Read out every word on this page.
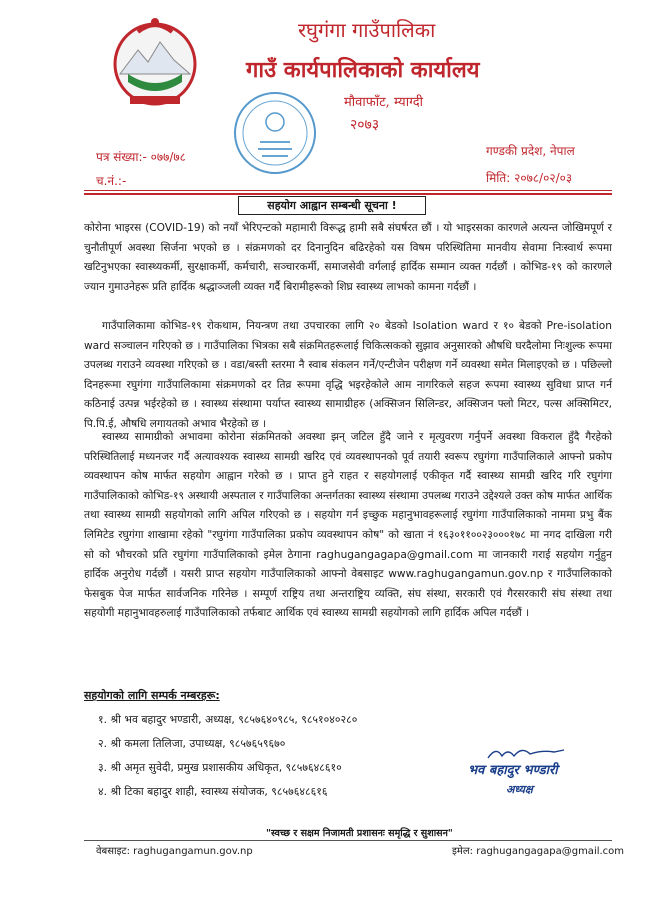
रघुगंगा गाउँपालिका
गाउँ कार्यपालिकाको कार्यालय
मौवाफाँट, म्याग्दी
२०७३
पत्र संख्या:- ०७७/७८
च.नं.:-
गण्डकी प्रदेश, नेपाल
मिति: २०७८/०२/०३
सहयोग आह्वान सम्बन्धी सूचना !
कोरोना भाइरस (COVID-19) को नयाँ भेरिएन्टको महामारी विरूद्ध हामी सबै संघर्षरत छौं । यो भाइरसका कारणले अत्यन्त जोखिमपूर्ण र चुनौतीपूर्ण अवस्था सिर्जना भएको छ । संक्रमणको दर दिनानुदिन बढिरहेको यस विषम परिस्थितिमा मानवीय सेवामा निःस्वार्थ रूपमा खटिनुभएका स्वास्थ्यकर्मी, सुरक्षाकर्मी, कर्मचारी, सञ्चारकर्मी, समाजसेवी वर्गलाई हार्दिक सम्मान व्यक्त गर्दछौं । कोभिड-१९ को कारणले ज्यान गुमाउनेहरू प्रति हार्दिक श्रद्धाञ्जली व्यक्त गर्दै बिरामीहरूको शिघ्र स्वास्थ्य लाभको कामना गर्दछौं ।
गाउँपालिकामा कोभिड-१९ रोकथाम, नियन्त्रण तथा उपचारका लागि २० बेडको Isolation ward र १० बेडको Pre-isolation ward सञ्चालन गरिएको छ । गाउँपालिका भित्रका सबै संक्रमितहरूलाई चिकित्सकको सुझाव अनुसारको औषधि घरदैलोमा निःशुल्क रूपमा उपलब्ध गराउने व्यवस्था गरिएको छ । वडा/बस्ती स्तरमा नै स्वाब संकलन गर्ने/एन्टीजेन परीक्षण गर्ने व्यवस्था समेत मिलाइएको छ । पछिल्लो दिनहरूमा रघुगंगा गाउँपालिकामा संक्रमणको दर तिव्र रूपमा वृद्धि भइरहेकोले आम नागरिकले सहज रूपमा स्वास्थ्य सुविधा प्राप्त गर्न कठिनाई उत्पन्न भईरहेको छ । स्वास्थ्य संस्थामा पर्याप्त स्वास्थ्य सामाग्रीहरु (अक्सिजन सिलिन्डर, अक्सिजन फ्लो मिटर, पल्स अक्सिमिटर, पि.पि.ई, औषधि लगायतको अभाव भैरहेको छ ।
स्वास्थ्य सामाग्रीको अभावमा कोरोना संक्रमितको अवस्था झन् जटिल हुँदै जाने र मृत्युवरण गर्नुपर्ने अवस्था विकराल हुँदै गैरहेको परिस्थितिलाई मध्यनजर गर्दै अत्यावश्यक स्वास्थ्य सामग्री खरिद एवं व्यवस्थापनको पूर्व तयारी स्वरूप रघुगंगा गाउँपालिकाले आफ्नो प्रकोप व्यवस्थापन कोष मार्फत सहयोग आह्वान गरेको छ । प्राप्त हुने राहत र सहयोगलाई एकीकृत गर्दै स्वास्थ्य सामग्री खरिद गरि रघुगंगा गाउँपालिकाको कोभिड-१९ अस्थायी अस्पताल र गाउँपालिका अन्तर्गतका स्वास्थ्य संस्थामा उपलब्ध गराउने उद्देश्यले उक्त कोष मार्फत आर्थिक तथा स्वास्थ्य सामग्री सहयोगको लागि अपिल गरिएको छ । सहयोग गर्न इच्छुक महानुभावहरूलाई रघुगंगा गाउँपालिकाको नाममा प्रभु बैंक लिमिटेड रघुगंगा शाखामा रहेको "रघुगंगा गाउँपालिका प्रकोप व्यवस्थापन कोष" को खाता नं १६३०११००२३०००१७८ मा नगद दाखिला गरी सो को भौचरको प्रति रघुगंगा गाउँपालिकाको इमेल ठेगाना raghugangagapa@gmail.com मा जानकारी गराई सहयोग गर्नुहुन हार्दिक अनुरोध गर्दछौं । यसरी प्राप्त सहयोग गाउँपालिकाको आफ्नो वेबसाइट www.raghugangamun.gov.np र गाउँपालिकाको फेसबुक पेज मार्फत सार्वजनिक गरिनेछ । सम्पूर्ण राष्ट्रिय तथा अन्तराष्ट्रिय व्यक्ति, संघ संस्था, सरकारी एवं गैरसरकारी संघ संस्था तथा सहयोगी महानुभावहरुलाई गाउँपालिकाको तर्फबाट आर्थिक एवं स्वास्थ्य सामग्री सहयोगको लागि हार्दिक अपिल गर्दछौं ।
सहयोगको लागि सम्पर्क नम्बरहरू:
१. श्री भव बहादुर भण्डारी, अध्यक्ष, ९८५७६४०९८५, ९८५१०४०२८०
२. श्री कमला तिलिजा, उपाध्यक्ष, ९८५७६५९६७०
३. श्री अमृत सुवेदी, प्रमुख प्रशासकीय अधिकृत, ९८५७६४८६१०
४. श्री टिका बहादुर शाही, स्वास्थ्य संयोजक, ९८५७६४८६१६
भव बहादुर भण्डारी
अध्यक्ष
"स्वच्छ र सक्षम निजामती प्रशासनः समृद्धि र सुशासन"
वेबसाइट: raghugangamun.gov.np	इमेल: raghugangagapa@gmail.com
